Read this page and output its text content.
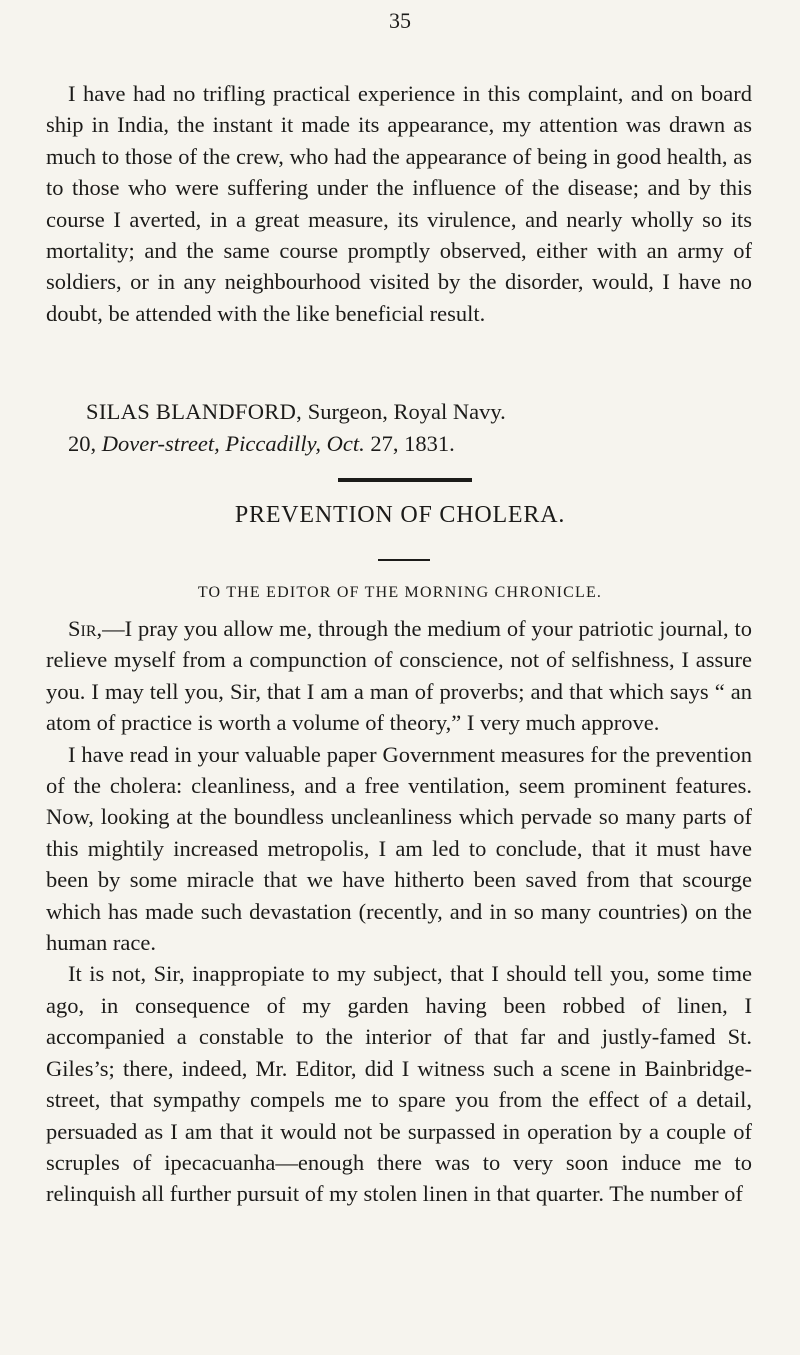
35

I have had no trifling practical experience in this complaint, and on board ship in India, the instant it made its appearance, my attention was drawn as much to those of the crew, who had the appearance of being in good health, as to those who were suffering under the influence of the disease; and by this course I averted, in a great measure, its virulence, and nearly wholly so its mortality; and the same course promptly observed, either with an army of soldiers, or in any neighbourhood visited by the disorder, would, I have no doubt, be attended with the like beneficial result.

SILAS BLANDFORD, Surgeon, Royal Navy.
20, Dover-street, Piccadilly, Oct. 27, 1831.
PREVENTION OF CHOLERA.
TO THE EDITOR OF THE MORNING CHRONICLE.

Sir,—I pray you allow me, through the medium of your patriotic journal, to relieve myself from a compunction of conscience, not of selfishness, I assure you. I may tell you, Sir, that I am a man of proverbs; and that which says “ an atom of practice is worth a volume of theory,” I very much approve.

I have read in your valuable paper Government measures for the prevention of the cholera: cleanliness, and a free ventilation, seem prominent features. Now, looking at the boundless uncleanliness which pervade so many parts of this mightily increased metropolis, I am led to conclude, that it must have been by some miracle that we have hitherto been saved from that scourge which has made such devastation (recently, and in so many countries) on the human race.

It is not, Sir, inappropiate to my subject, that I should tell you, some time ago, in consequence of my garden having been robbed of linen, I accompanied a constable to the interior of that far and justly-famed St. Giles’s; there, indeed, Mr. Editor, did I witness such a scene in Bainbridge-street, that sympathy compels me to spare you from the effect of a detail, persuaded as I am that it would not be surpassed in operation by a couple of scruples of ipecacuanha—enough there was to very soon induce me to relinquish all further pursuit of my stolen linen in that quarter. The number of
